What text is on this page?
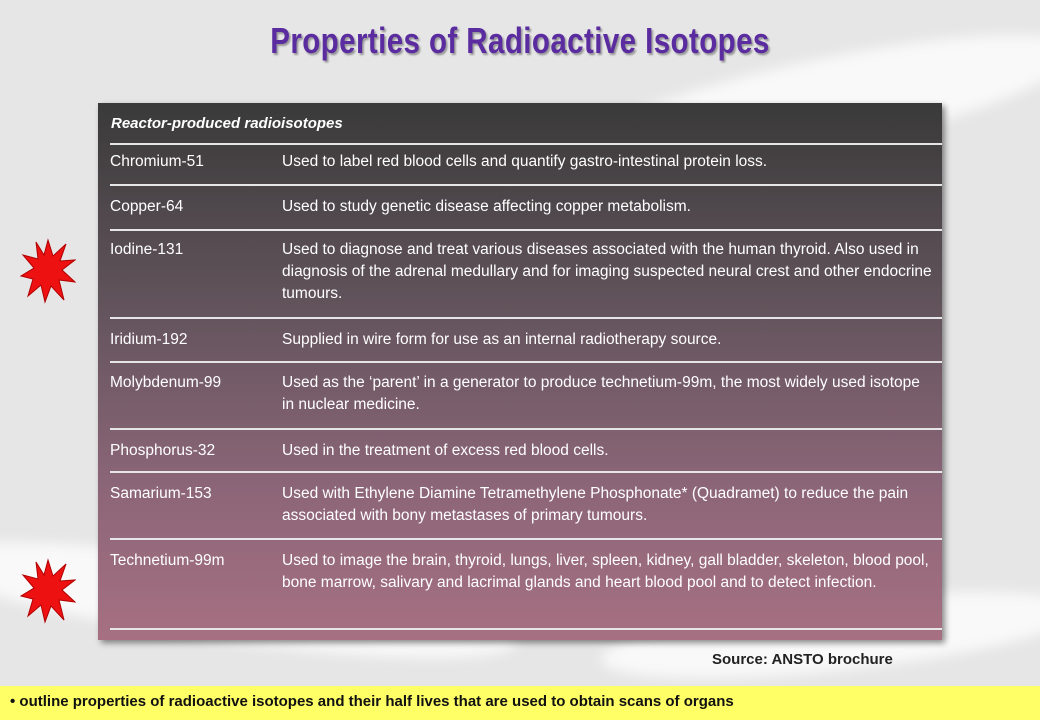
Properties of Radioactive Isotopes
Reactor-produced radioisotopes
Chromium-51	Used to label red blood cells and quantify gastro-intestinal protein loss.
Copper-64	Used to study genetic disease affecting copper metabolism.
Iodine-131	Used to diagnose and treat various diseases associated with the human thyroid. Also used in diagnosis of the adrenal medullary and for imaging suspected neural crest and other endocrine tumours.
Iridium-192	Supplied in wire form for use as an internal radiotherapy source.
Molybdenum-99	Used as the ‘parent’ in a generator to produce technetium-99m, the most widely used isotope in nuclear medicine.
Phosphorus-32	Used in the treatment of excess red blood cells.
Samarium-153	Used with Ethylene Diamine Tetramethylene Phosphonate* (Quadramet) to reduce the pain associated with bony metastases of primary tumours.
Technetium-99m	Used to image the brain, thyroid, lungs, liver, spleen, kidney, gall bladder, skeleton, blood pool, bone marrow, salivary and lacrimal glands and heart blood pool and to detect infection.
Source: ANSTO brochure
• outline properties of radioactive isotopes and their half lives that are used to obtain scans of organs
